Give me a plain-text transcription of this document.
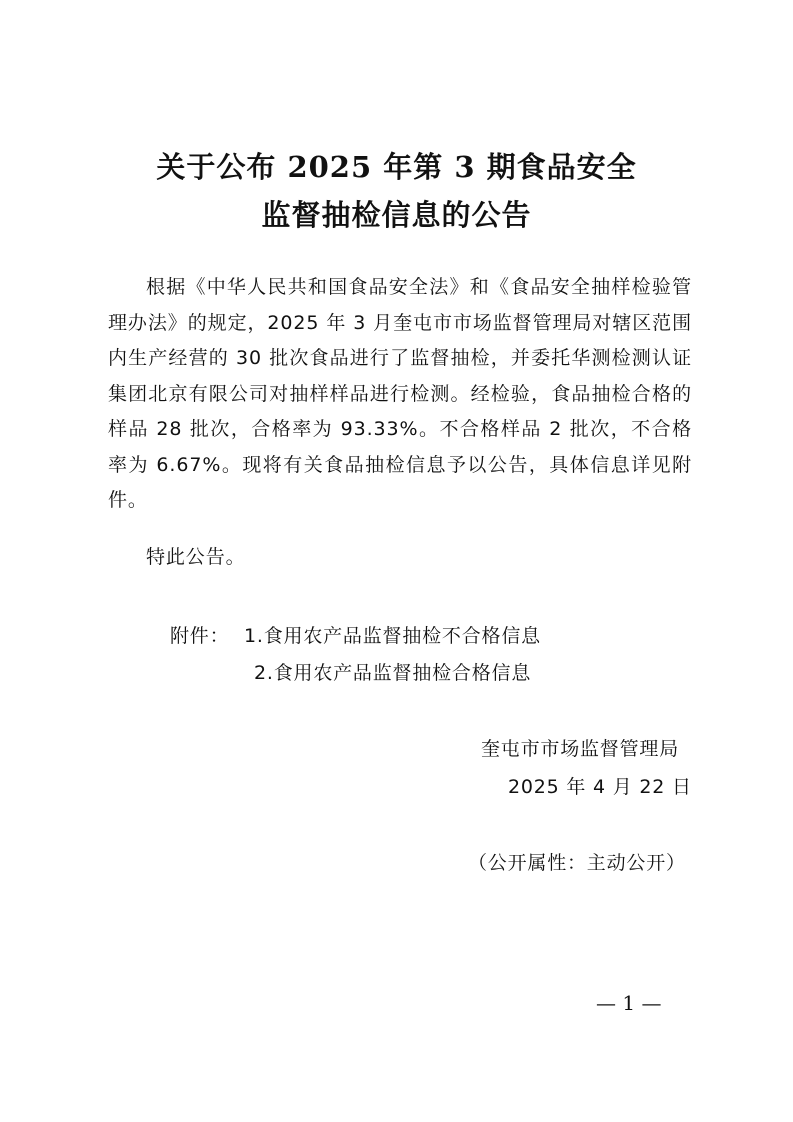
关于公布 2025 年第 3 期食品安全
监督抽检信息的公告
根据《中华人民共和国食品安全法》和《食品安全抽样检验管理办法》的规定，2025 年 3 月奎屯市市场监督管理局对辖区范围内生产经营的 30 批次食品进行了监督抽检，并委托华测检测认证集团北京有限公司对抽样样品进行检测。经检验，食品抽检合格的样品 28 批次，合格率为 93.33%。不合格样品 2 批次，不合格率为 6.67%。现将有关食品抽检信息予以公告，具体信息详见附件。
特此公告。
附件： 1.食用农产品监督抽检不合格信息
2.食用农产品监督抽检合格信息
奎屯市市场监督管理局
2025 年 4 月 22 日
（公开属性：主动公开）
— 1 —
